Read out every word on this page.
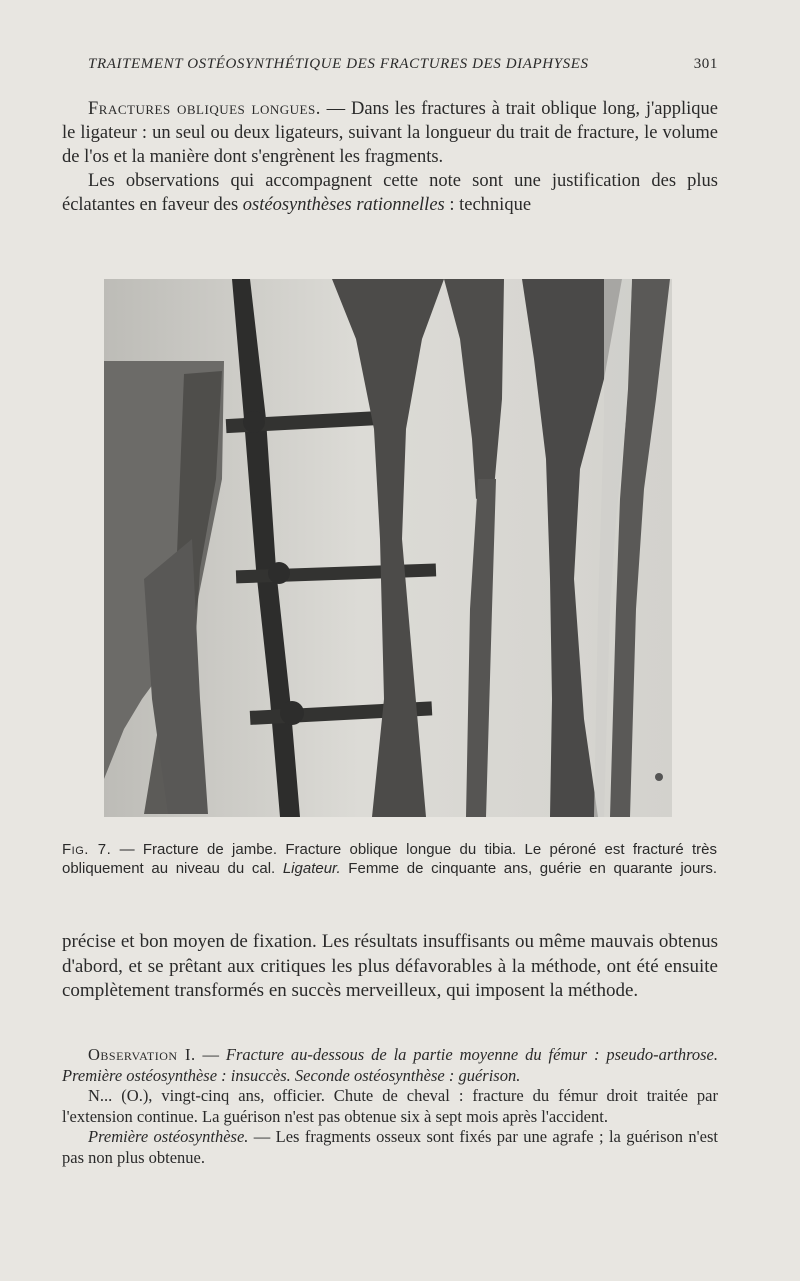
TRAITEMENT OSTÉOSYNTHÉTIQUE DES FRACTURES DES DIAPHYSES	301
Fractures obliques longues. — Dans les fractures à trait oblique long, j'applique le ligateur : un seul ou deux ligateurs, suivant la longueur du trait de fracture, le volume de l'os et la manière dont s'engrènent les fragments.
Les observations qui accompagnent cette note sont une justification des plus éclatantes en faveur des ostéosynthèses rationnelles : technique
Fig. 7. — Fracture de jambe. Fracture oblique longue du tibia. Le péroné est fracturé très obliquement au niveau du cal. Ligateur. Femme de cinquante ans, guérie en quarante jours.
précise et bon moyen de fixation. Les résultats insuffisants ou même mauvais obtenus d'abord, et se prêtant aux critiques les plus défavorables à la méthode, ont été ensuite complètement transformés en succès merveilleux, qui imposent la méthode.

Observation I. — Fracture au-dessous de la partie moyenne du fémur : pseudo-arthrose. Première ostéosynthèse : insuccès. Seconde ostéosynthèse : guérison.

N... (O.), vingt-cinq ans, officier. Chute de cheval : fracture du fémur droit traitée par l'extension continue. La guérison n'est pas obtenue six à sept mois après l'accident.

Première ostéosynthèse. — Les fragments osseux sont fixés par une agrafe ; la guérison n'est pas non plus obtenue.
